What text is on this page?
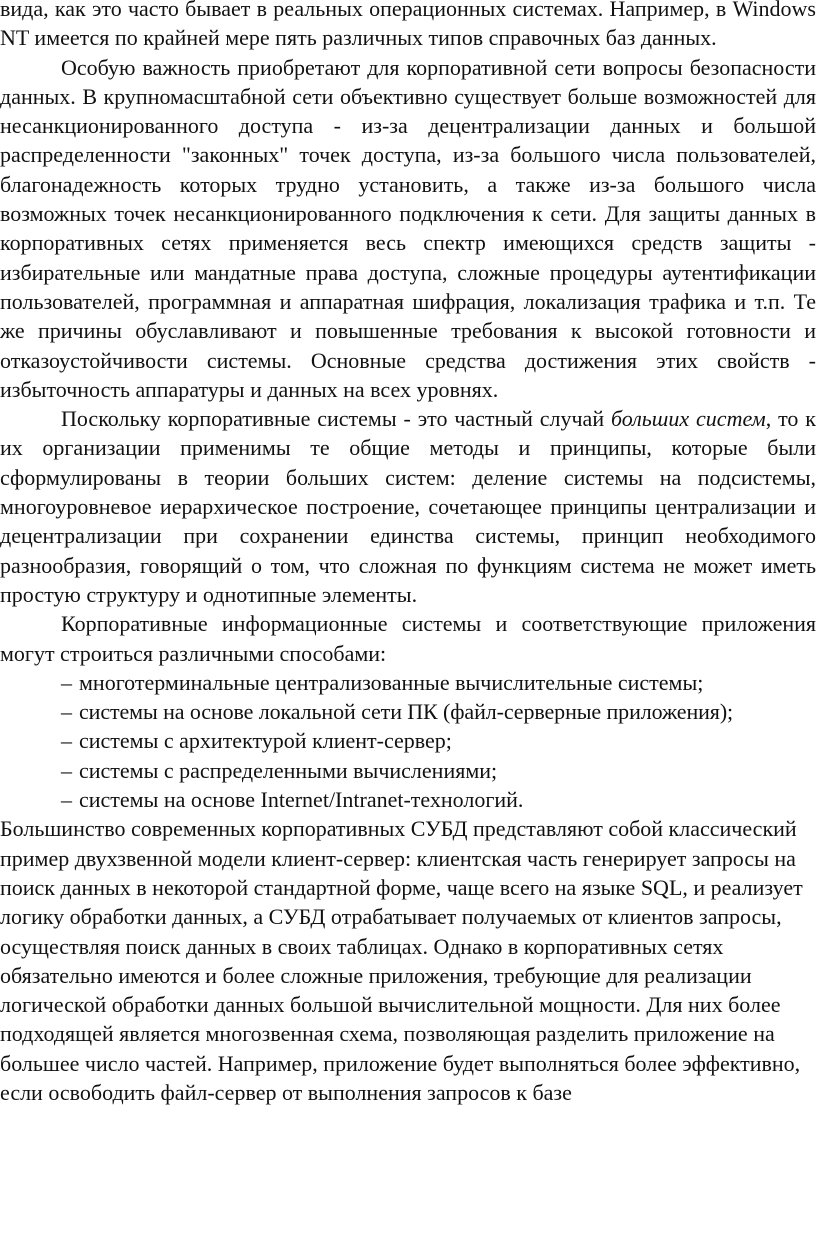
вида, как это часто бывает в реальных операционных системах. Например, в Windows NT имеется по крайней мере пять различных типов справочных баз данных.

Особую важность приобретают для корпоративной сети вопросы безопасности данных. В крупномасштабной сети объективно существует больше возможностей для несанкционированного доступа - из-за децентрализации данных и большой распределенности "законных" точек доступа, из-за большого числа пользователей, благонадежность которых трудно установить, а также из-за большого числа возможных точек несанкционированного подключения к сети. Для защиты данных в корпоративных сетях применяется весь спектр имеющихся средств защиты - избирательные или мандатные права доступа, сложные процедуры аутентификации пользователей, программная и аппаратная шифрация, локализация трафика и т.п. Те же причины обуславливают и повышенные требования к высокой готовности и отказоустойчивости системы. Основные средства достижения этих свойств - избыточность аппаратуры и данных на всех уровнях.

Поскольку корпоративные системы - это частный случай больших систем, то к их организации применимы те общие методы и принципы, которые были сформулированы в теории больших систем: деление системы на подсистемы, многоуровневое иерархическое построение, сочетающее принципы централизации и децентрализации при сохранении единства системы, принцип необходимого разнообразия, говорящий о том, что сложная по функциям система не может иметь простую структуру и однотипные элементы.

Корпоративные информационные системы и соответствующие приложения могут строиться различными способами:

– многотерминальные централизованные вычислительные системы;
– системы на основе локальной сети ПК (файл-серверные приложения);
– системы с архитектурой клиент-сервер;
– системы с распределенными вычислениями;
– системы на основе Internet/Intranet-технологий.

Большинство современных корпоративных СУБД представляют собой классический пример двухзвенной модели клиент-сервер: клиентская часть генерирует запросы на поиск данных в некоторой стандартной форме, чаще всего на языке SQL, и реализует логику обработки данных, а СУБД отрабатывает получаемых от клиентов запросы, осуществляя поиск данных в своих таблицах. Однако в корпоративных сетях обязательно имеются и более сложные приложения, требующие для реализации логической обработки данных большой вычислительной мощности. Для них более подходящей является многозвенная схема, позволяющая разделить приложение на большее число частей. Например, приложение будет выполняться более эффективно, если освободить файл-сервер от выполнения запросов к базе
